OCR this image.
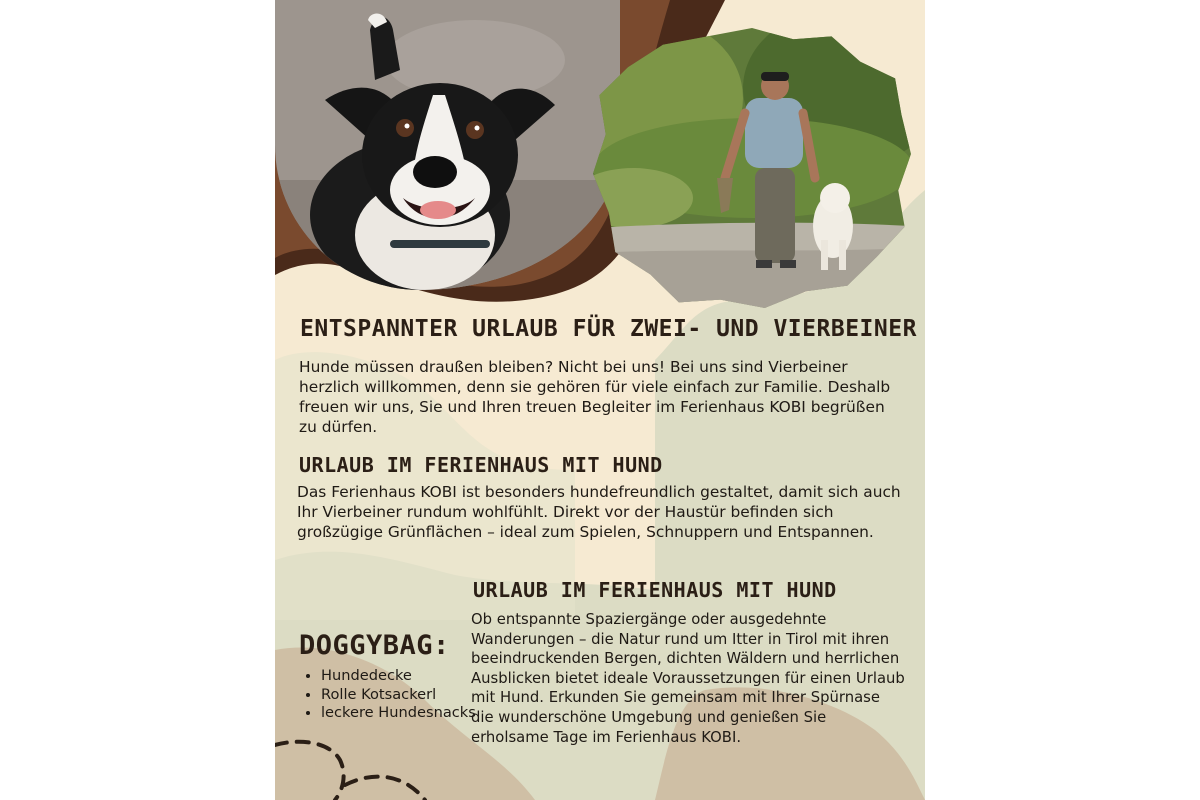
ENTSPANNTER URLAUB FÜR ZWEI- UND VIERBEINER

Hunde müssen draußen bleiben? Nicht bei uns! Bei uns sind Vierbeiner herzlich willkommen, denn sie gehören für viele einfach zur Familie. Deshalb freuen wir uns, Sie und Ihren treuen Begleiter im Ferienhaus KOBI begrüßen zu dürfen.

URLAUB IM FERIENHAUS MIT HUND

Das Ferienhaus KOBI ist besonders hundefreundlich gestaltet, damit sich auch Ihr Vierbeiner rundum wohlfühlt. Direkt vor der Haustür befinden sich großzügige Grünflächen – ideal zum Spielen, Schnuppern und Entspannen.

URLAUB IM FERIENHAUS MIT HUND

Ob entspannte Spaziergänge oder ausgedehnte Wanderungen – die Natur rund um Itter in Tirol mit ihren beeindruckenden Bergen, dichten Wäldern und herrlichen Ausblicken bietet ideale Voraussetzungen für einen Urlaub mit Hund. Erkunden Sie gemeinsam mit Ihrer Spürnase die wunderschöne Umgebung und genießen Sie erholsame Tage im Ferienhaus KOBI.

DOGGYBAG:
• Hundedecke
• Rolle Kotsackerl
• leckere Hundesnacks
